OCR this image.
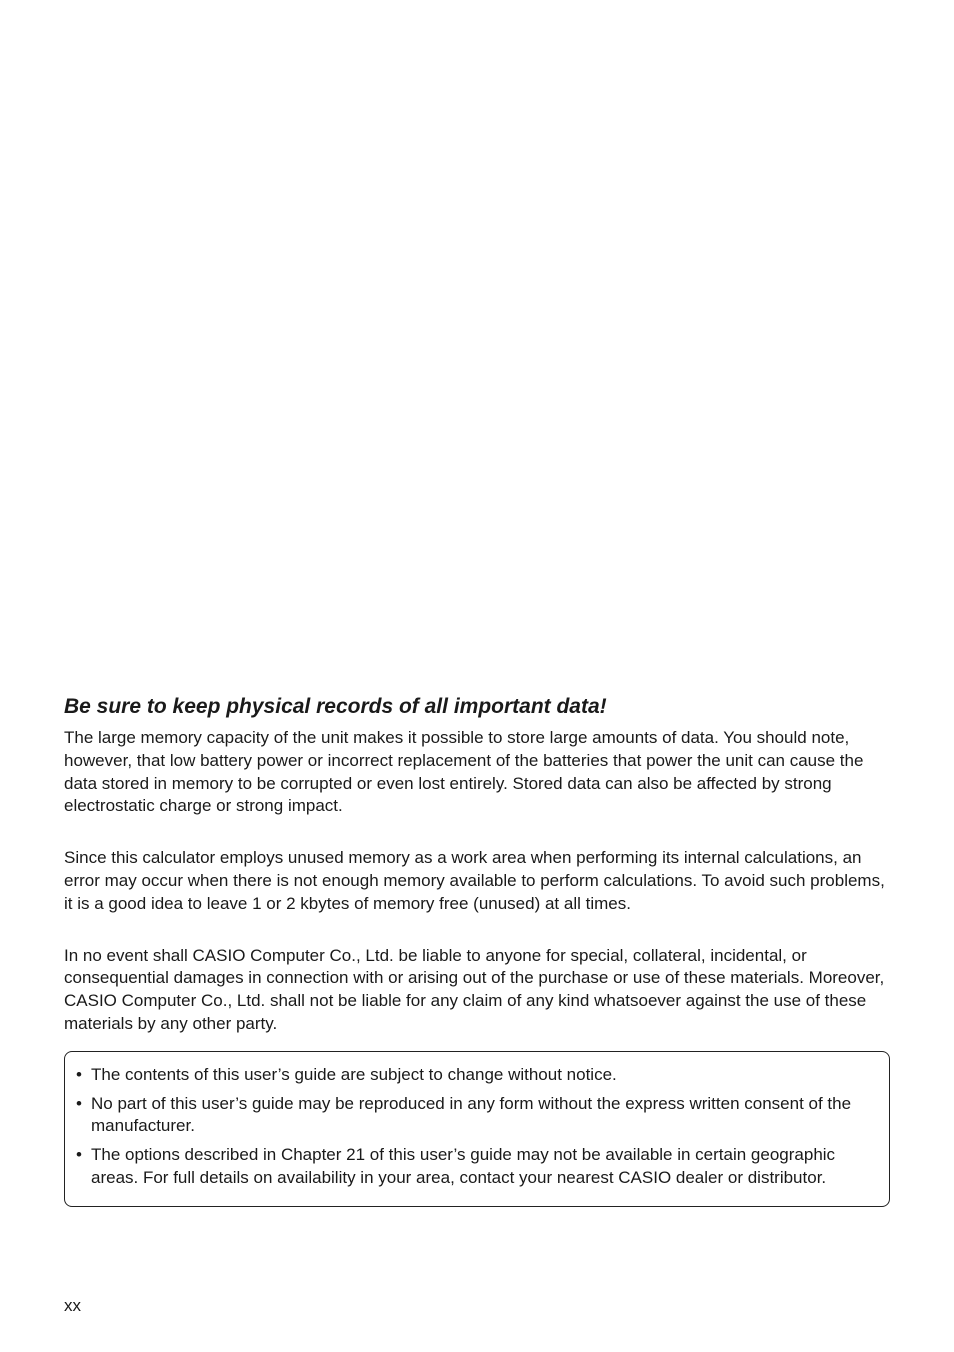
Be sure to keep physical records of all important data!

The large memory capacity of the unit makes it possible to store large amounts of data. You should note, however, that low battery power or incorrect replacement of the batteries that power the unit can cause the data stored in memory to be corrupted or even lost entirely. Stored data can also be affected by strong electrostatic charge or strong impact.

Since this calculator employs unused memory as a work area when performing its internal calculations, an error may occur when there is not enough memory available to perform calculations. To avoid such problems, it is a good idea to leave 1 or 2 kbytes of memory free (unused) at all times.

In no event shall CASIO Computer Co., Ltd. be liable to anyone for special, collateral, incidental, or consequential damages in connection with or arising out of the purchase or use of these materials. Moreover, CASIO Computer Co., Ltd. shall not be liable for any claim of any kind whatsoever against the use of these materials by any other party.

• The contents of this user’s guide are subject to change without notice.
• No part of this user’s guide may be reproduced in any form without the express written consent of the manufacturer.
• The options described in Chapter 21 of this user’s guide may not be available in certain geographic areas. For full details on availability in your area, contact your nearest CASIO dealer or distributor.
xx
